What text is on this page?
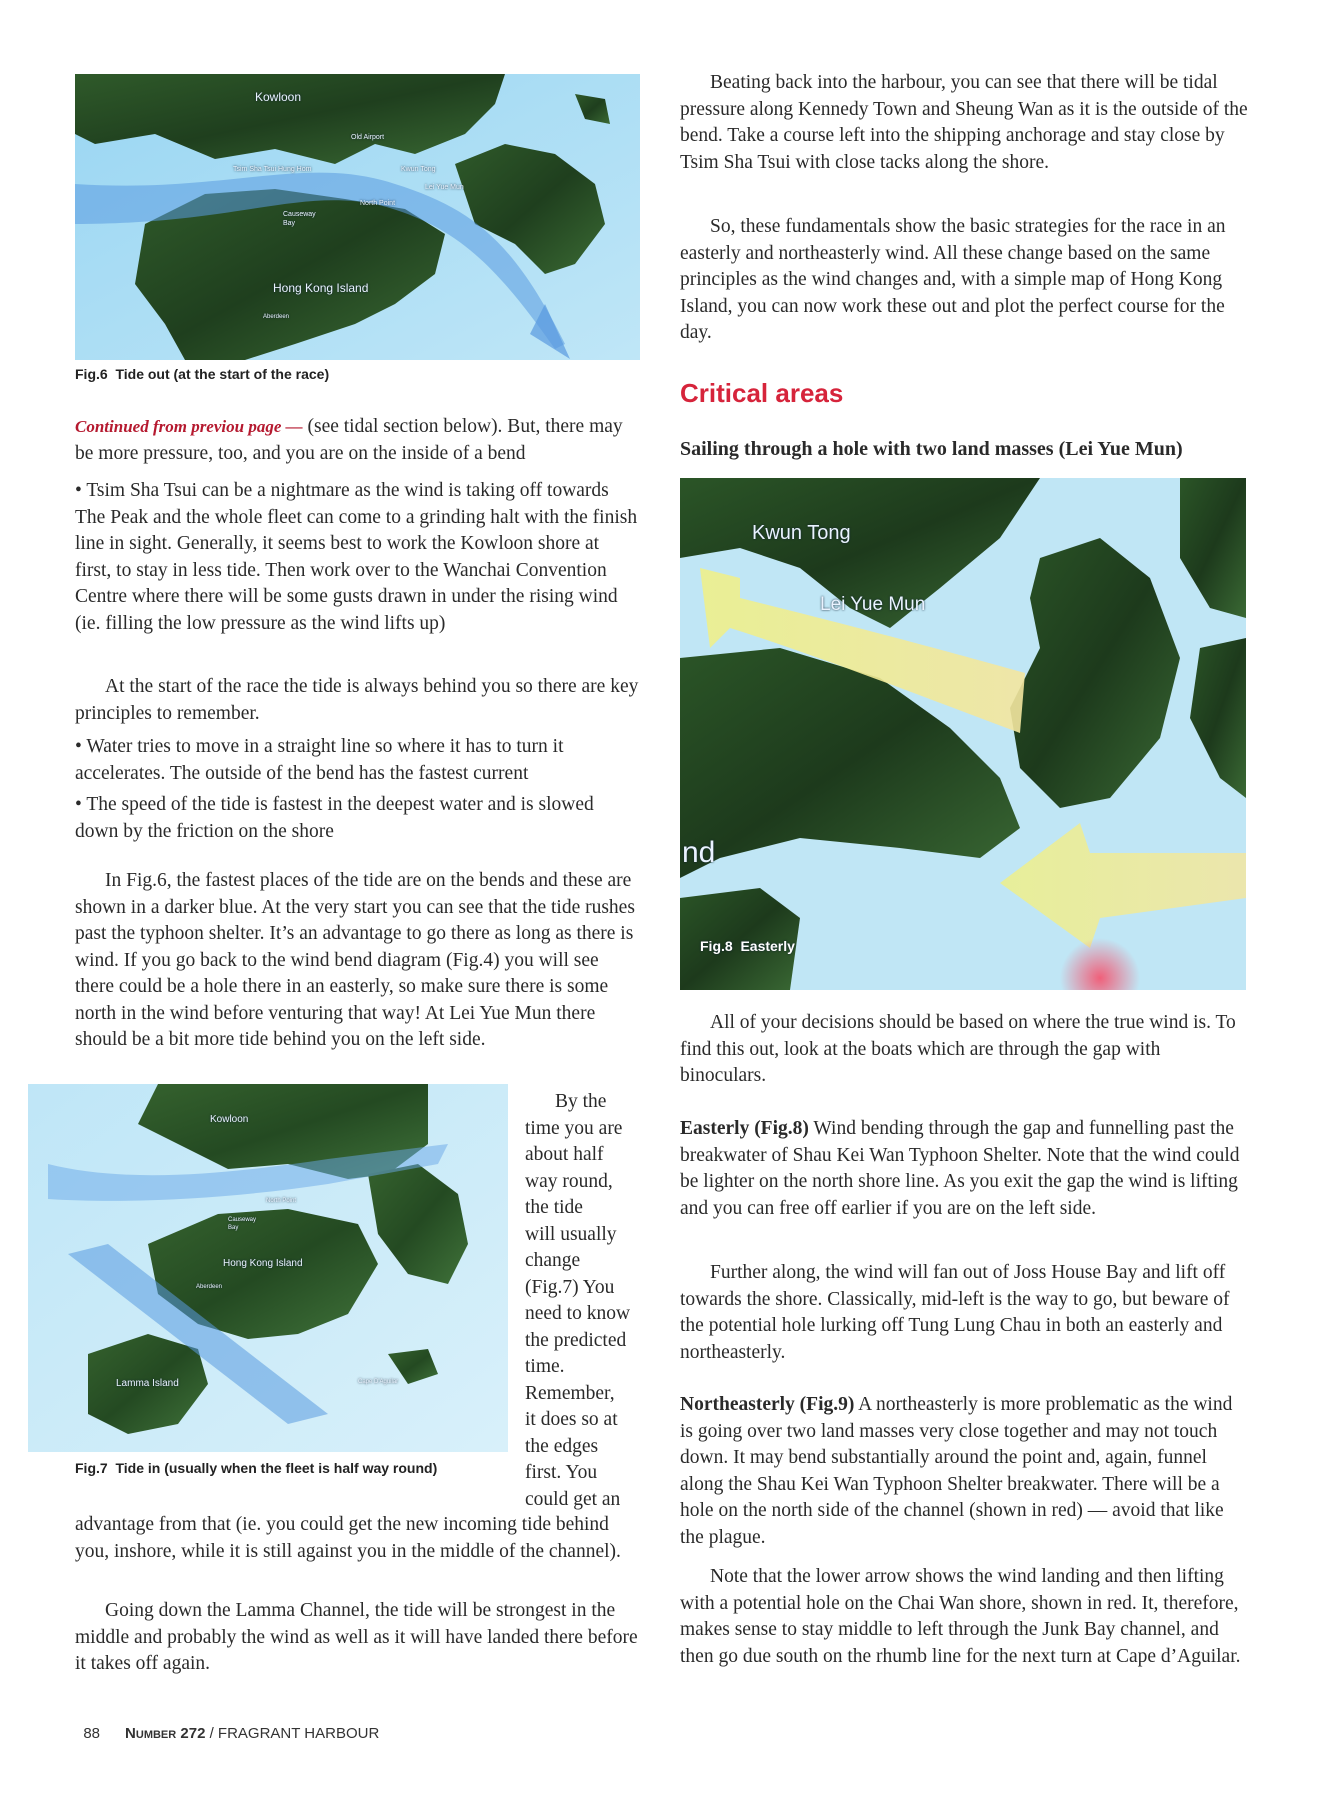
Kowloon
Old Airport
Tsim Sha Tsui Hung Hom	Kwun Tong
Lei Yue Mun
North Point
Causeway Bay
Hong Kong Island
Aberdeen
Fig.6  Tide out (at the start of the race)

Continued from previou page — (see tidal section below). But, there may be more pressure, too, and you are on the inside of a bend

• Tsim Sha Tsui can be a nightmare as the wind is taking off towards The Peak and the whole fleet can come to a grinding halt with the finish line in sight. Generally, it seems best to work the Kowloon shore at first, to stay in less tide. Then work over to the Wanchai Convention Centre where there will be some gusts drawn in under the rising wind (ie. filling the low pressure as the wind lifts up)

At the start of the race the tide is always behind you so there are key principles to remember.

• Water tries to move in a straight line so where it has to turn it accelerates. The outside of the bend has the fastest current

• The speed of the tide is fastest in the deepest water and is slowed down by the friction on the shore

In Fig.6, the fastest places of the tide are on the bends and these are shown in a darker blue. At the very start you can see that the tide rushes past the typhoon shelter. It’s an advantage to go there as long as there is wind. If you go back to the wind bend diagram (Fig.4) you will see there could be a hole there in an easterly, so make sure there is some north in the wind before venturing that way! At Lei Yue Mun there should be a bit more tide behind you on the left side.

Kowloon
North Point
Causeway Bay
Hong Kong Island
Aberdeen
Lamma Island	Cape D'Aguilar
Fig.7  Tide in (usually when the fleet is half way round)
By the
time you are
about half
way round,
the tide
will usually
change
(Fig.7) You
need to know
the predicted
time.
Remember,
it does so at
the edges
first. You
could get an

advantage from that (ie. you could get the new incoming tide behind you, inshore, while it is still against you in the middle of the channel).

Going down the Lamma Channel, the tide will be strongest in the middle and probably the wind as well as it will have landed there before it takes off again.

Beating back into the harbour, you can see that there will be tidal pressure along Kennedy Town and Sheung Wan as it is the outside of the bend. Take a course left into the shipping anchorage and stay close by Tsim Sha Tsui with close tacks along the shore.

So, these fundamentals show the basic strategies for the race in an easterly and northeasterly wind. All these change based on the same principles as the wind changes and, with a simple map of Hong Kong Island, you can now work these out and plot the perfect course for the day.

Critical areas
Sailing through a hole with two land masses (Lei Yue Mun)
Kwun Tong
Lei Yue Mun
nd
Fig.8  Easterly

All of your decisions should be based on where the true wind is. To find this out, look at the boats which are through the gap with binoculars.

Easterly (Fig.8) Wind bending through the gap and funnelling past the breakwater of Shau Kei Wan Typhoon Shelter. Note that the wind could be lighter on the north shore line. As you exit the gap the wind is lifting and you can free off earlier if you are on the left side.

Further along, the wind will fan out of Joss House Bay and lift off towards the shore. Classically, mid-left is the way to go, but beware of the potential hole lurking off Tung Lung Chau in both an easterly and northeasterly.

Northeasterly (Fig.9) A northeasterly is more problematic as the wind is going over two land masses very close together and may not touch down. It may bend substantially around the point and, again, funnel along the Shau Kei Wan Typhoon Shelter breakwater. There will be a hole on the north side of the channel (shown in red) — avoid that like the plague.

Note that the lower arrow shows the wind landing and then lifting with a potential hole on the Chai Wan shore, shown in red. It, therefore, makes sense to stay middle to left through the Junk Bay channel, and then go due south on the rhumb line for the next turn at Cape d’Aguilar.

88 Number 272 / FRAGRANT HARBOUR
